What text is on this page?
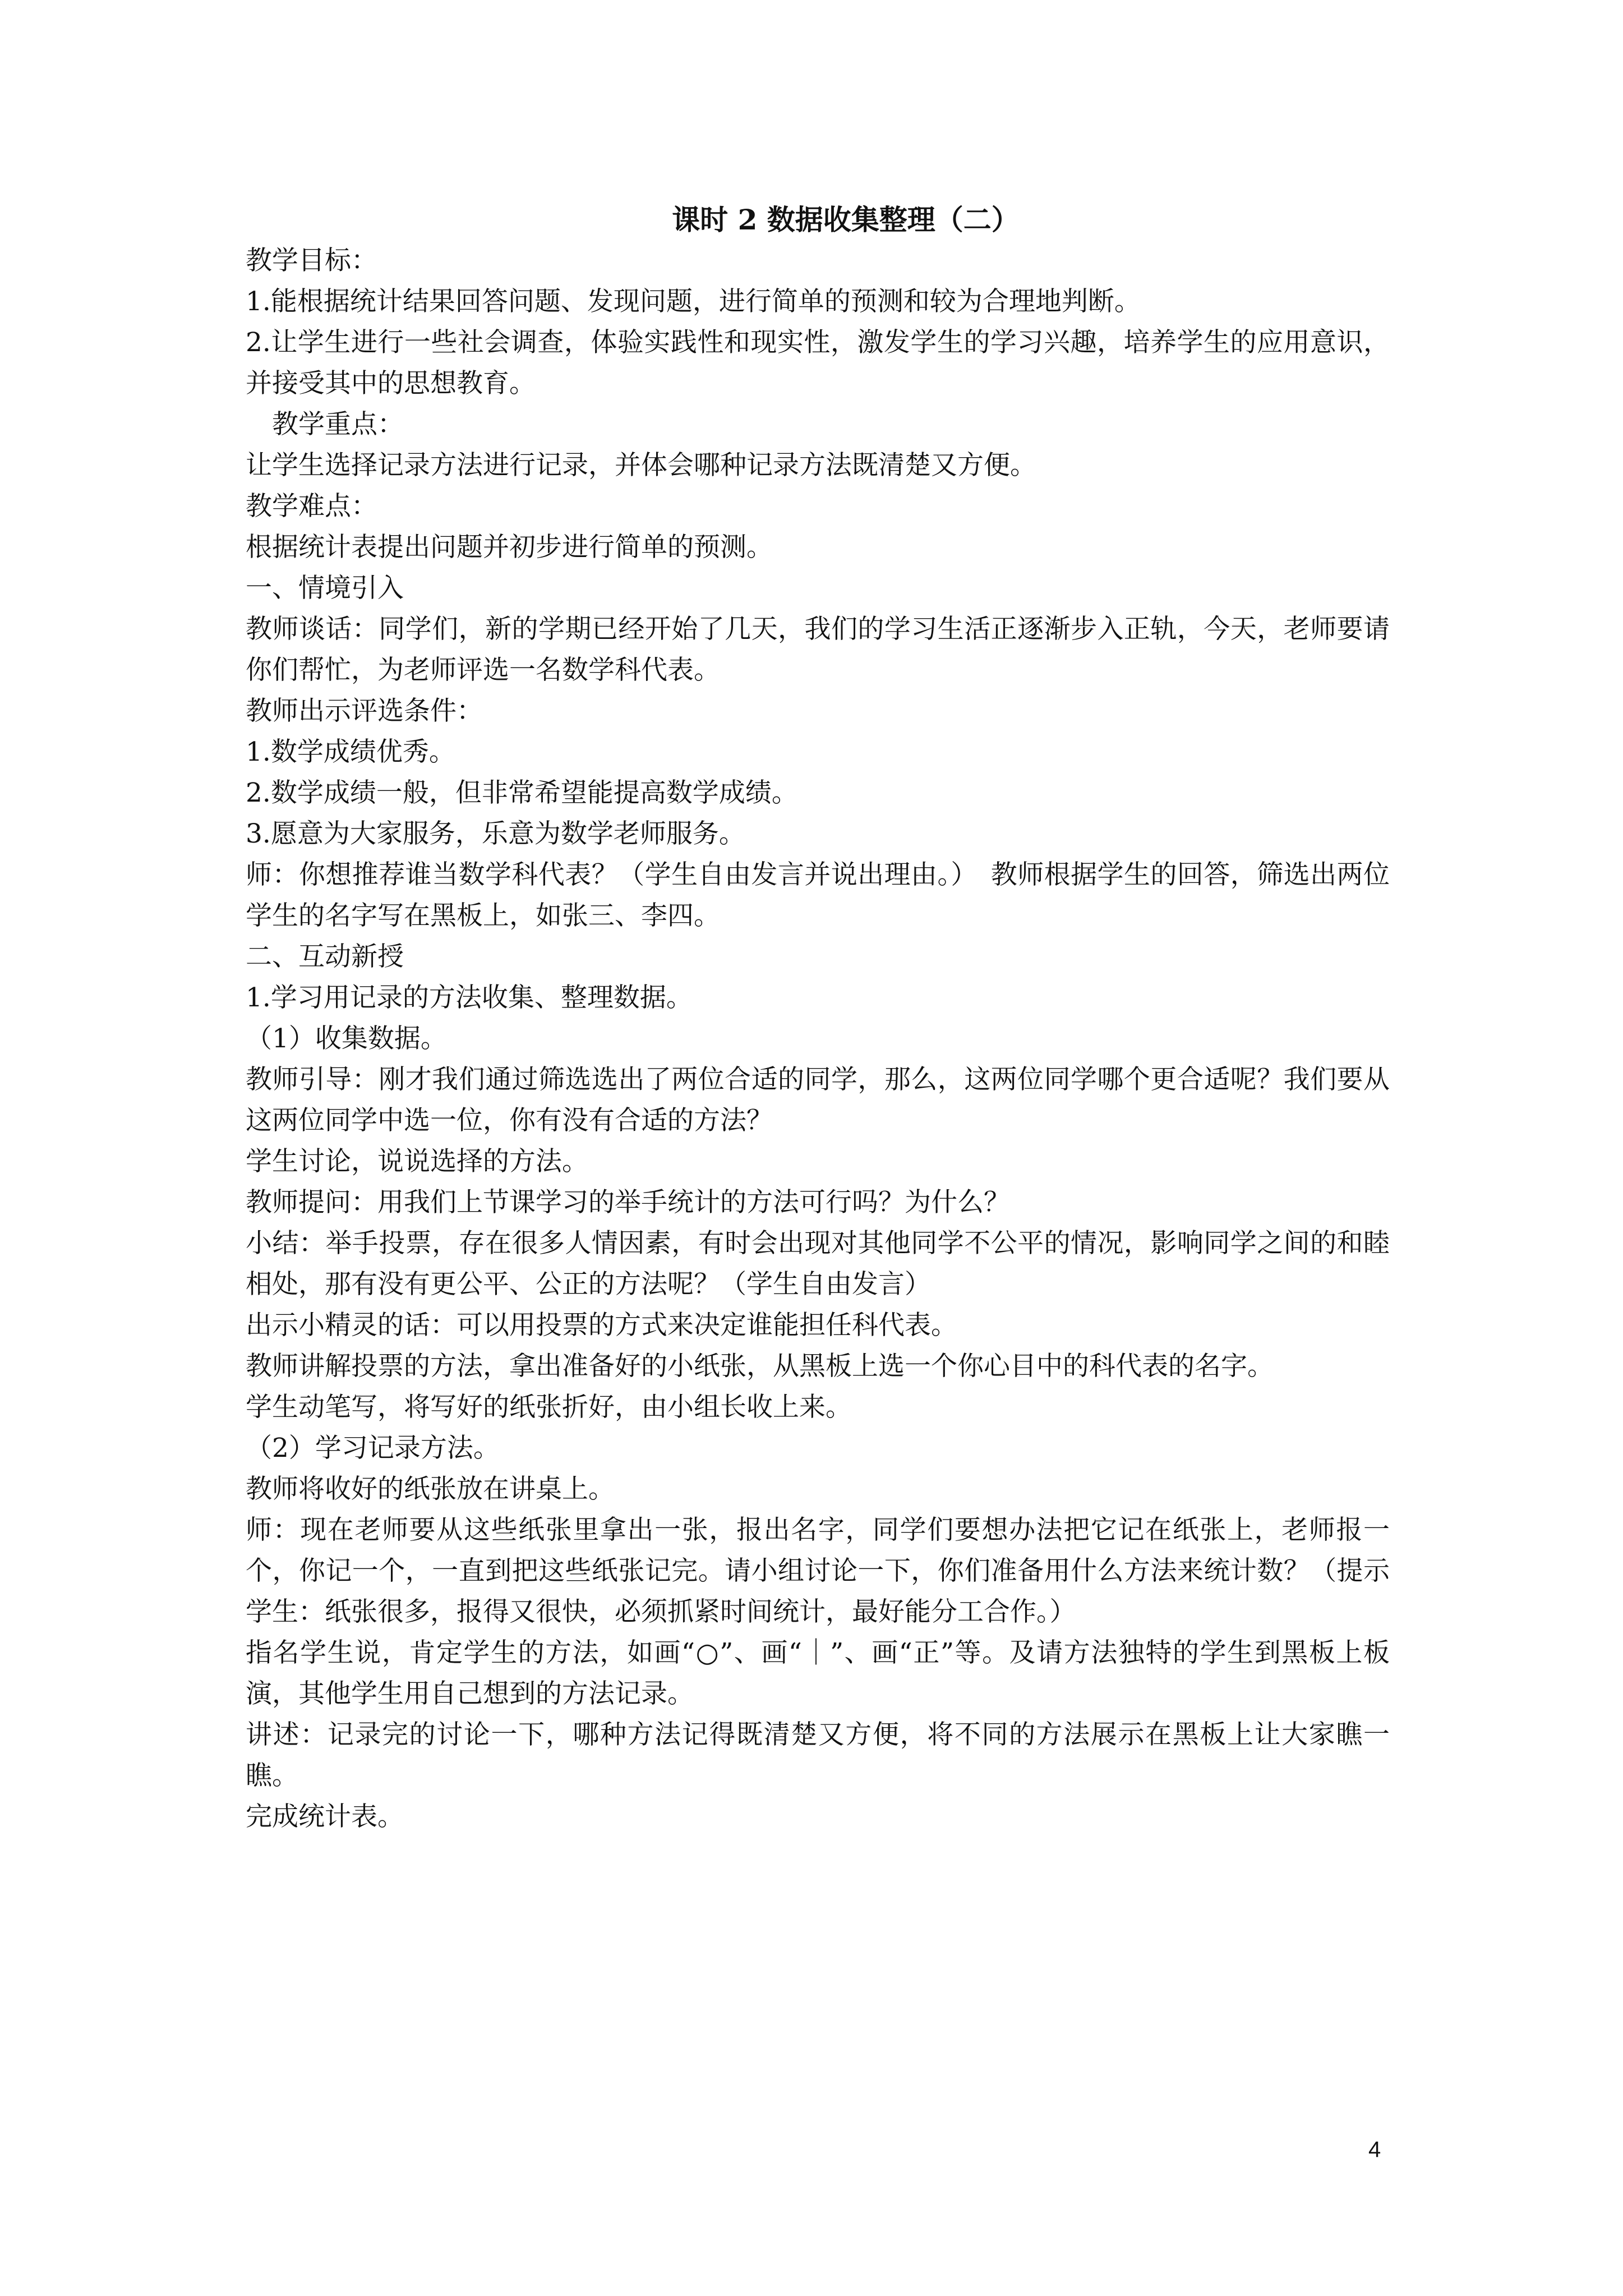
课时 2 数据收集整理（二）

教学目标：

1.能根据统计结果回答问题、发现问题，进行简单的预测和较为合理地判断。

2.让学生进行一些社会调查，体验实践性和现实性，激发学生的学习兴趣，培养学生的应用意识，并接受其中的思想教育。

教学重点：

让学生选择记录方法进行记录，并体会哪种记录方法既清楚又方便。

教学难点：

根据统计表提出问题并初步进行简单的预测。

一、情境引入

教师谈话：同学们，新的学期已经开始了几天，我们的学习生活正逐渐步入正轨，今天，老师要请你们帮忙，为老师评选一名数学科代表。

教师出示评选条件：

1.数学成绩优秀。

2.数学成绩一般，但非常希望能提高数学成绩。

3.愿意为大家服务，乐意为数学老师服务。

师：你想推荐谁当数学科代表？（学生自由发言并说出理由。）　教师根据学生的回答，筛选出两位学生的名字写在黑板上，如张三、李四。

二、互动新授

1.学习用记录的方法收集、整理数据。

（1）收集数据。

教师引导：刚才我们通过筛选选出了两位合适的同学，那么，这两位同学哪个更合适呢？我们要从这两位同学中选一位，你有没有合适的方法？

学生讨论，说说选择的方法。

教师提问：用我们上节课学习的举手统计的方法可行吗？为什么？

小结：举手投票，存在很多人情因素，有时会出现对其他同学不公平的情况，影响同学之间的和睦相处，那有没有更公平、公正的方法呢？（学生自由发言）

出示小精灵的话：可以用投票的方式来决定谁能担任科代表。

教师讲解投票的方法，拿出准备好的小纸张，从黑板上选一个你心目中的科代表的名字。

学生动笔写，将写好的纸张折好，由小组长收上来。

（2）学习记录方法。

教师将收好的纸张放在讲桌上。

师：现在老师要从这些纸张里拿出一张，报出名字，同学们要想办法把它记在纸张上，老师报一个，你记一个，一直到把这些纸张记完。请小组讨论一下，你们准备用什么方法来统计数？（提示学生：纸张很多，报得又很快，必须抓紧时间统计，最好能分工合作。）

指名学生说，肯定学生的方法，如画“○”、画“｜”、画“正”等。及请方法独特的学生到黑板上板演，其他学生用自己想到的方法记录。

讲述：记录完的讨论一下，哪种方法记得既清楚又方便，将不同的方法展示在黑板上让大家瞧一瞧。

完成统计表。

4
